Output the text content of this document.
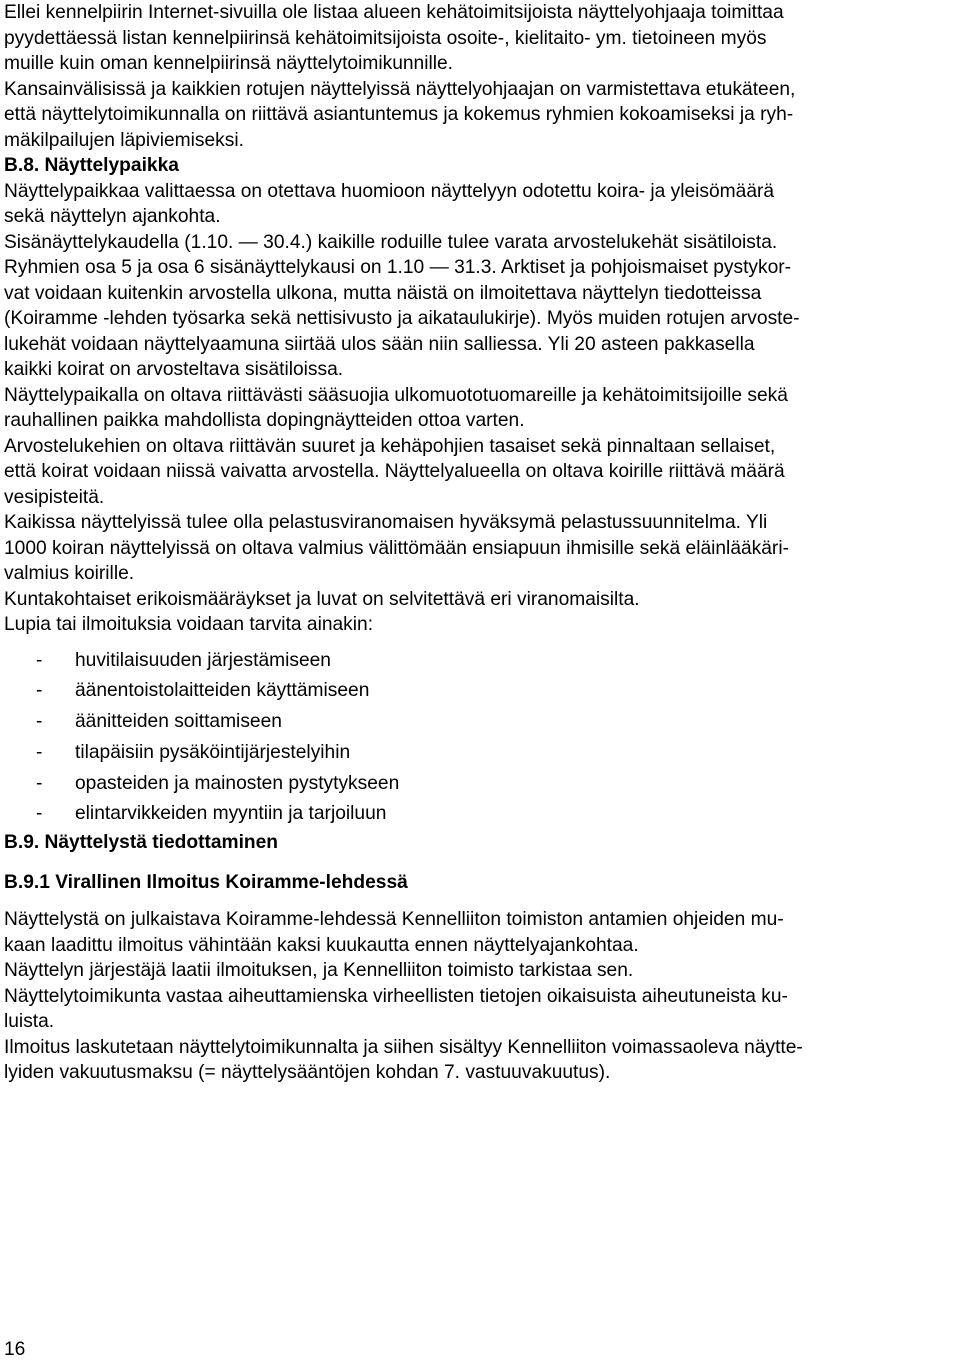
Ellei kennelpiirin Internet-sivuilla ole listaa alueen kehätoimitsijoista näyttelyohjaaja toimittaa
pyydettäessä listan kennelpiirinsä kehätoimitsijoista osoite-, kielitaito- ym. tietoineen myös
muille kuin oman kennelpiirinsä näyttelytoimikunnille.

Kansainvälisissä ja kaikkien rotujen näyttelyissä näyttelyohjaajan on varmistettava etukäteen,
että näyttelytoimikunnalla on riittävä asiantuntemus ja kokemus ryhmien kokoamiseksi ja ryh-
mäkilpailujen läpiviemiseksi.

B.8. Näyttelypaikka

Näyttelypaikkaa valittaessa on otettava huomioon näyttelyyn odotettu koira- ja yleisömäärä
sekä näyttelyn ajankohta.

Sisänäyttelykaudella (1.10. — 30.4.) kaikille roduille tulee varata arvostelukehät sisätiloista.
Ryhmien osa 5 ja osa 6 sisänäyttelykausi on 1.10 — 31.3. Arktiset ja pohjoismaiset pystykor-
vat voidaan kuitenkin arvostella ulkona, mutta näistä on ilmoitettava näyttelyn tiedotteissa
(Koiramme -lehden työsarka sekä nettisivusto ja aikataulukirje). Myös muiden rotujen arvoste-
lukehät voidaan näyttelyaamuna siirtää ulos sään niin salliessa. Yli 20 asteen pakkasella
kaikki koirat on arvosteltava sisätiloissa.

Näyttelypaikalla on oltava riittävästi sääsuojia ulkomuototuomareille ja kehätoimitsijoille sekä
rauhallinen paikka mahdollista dopingnäytteiden ottoa varten.

Arvostelukehien on oltava riittävän suuret ja kehäpohjien tasaiset sekä pinnaltaan sellaiset,
että koirat voidaan niissä vaivatta arvostella. Näyttelyalueella on oltava koirille riittävä määrä
vesipisteitä.

Kaikissa näyttelyissä tulee olla pelastusviranomaisen hyväksymä pelastussuunnitelma. Yli
1000 koiran näyttelyissä on oltava valmius välittömään ensiapuun ihmisille sekä eläinlääkäri-
valmius koirille.

Kuntakohtaiset erikoismääräykset ja luvat on selvitettävä eri viranomaisilta.

Lupia tai ilmoituksia voidaan tarvita ainakin:

- huvitilaisuuden järjestämiseen
- äänentoistolaitteiden käyttämiseen
- äänitteiden soittamiseen
- tilapäisiin pysäköintijärjestelyihin
- opasteiden ja mainosten pystytykseen
- elintarvikkeiden myyntiin ja tarjoiluun

B.9. Näyttelystä tiedottaminen

B.9.1 Virallinen Ilmoitus Koiramme-lehdessä

Näyttelystä on julkaistava Koiramme-lehdessä Kennelliiton toimiston antamien ohjeiden mu-
kaan laadittu ilmoitus vähintään kaksi kuukautta ennen näyttelyajankohtaa.

Näyttelyn järjestäjä laatii ilmoituksen, ja Kennelliiton toimisto tarkistaa sen.

Näyttelytoimikunta vastaa aiheuttamienska virheellisten tietojen oikaisuista aiheutuneista ku-
luista.

Ilmoitus laskutetaan näyttelytoimikunnalta ja siihen sisältyy Kennelliiton voimassaoleva näytte-
lyiden vakuutusmaksu (= näyttelysääntöjen kohdan 7. vastuuvakuutus).

16
